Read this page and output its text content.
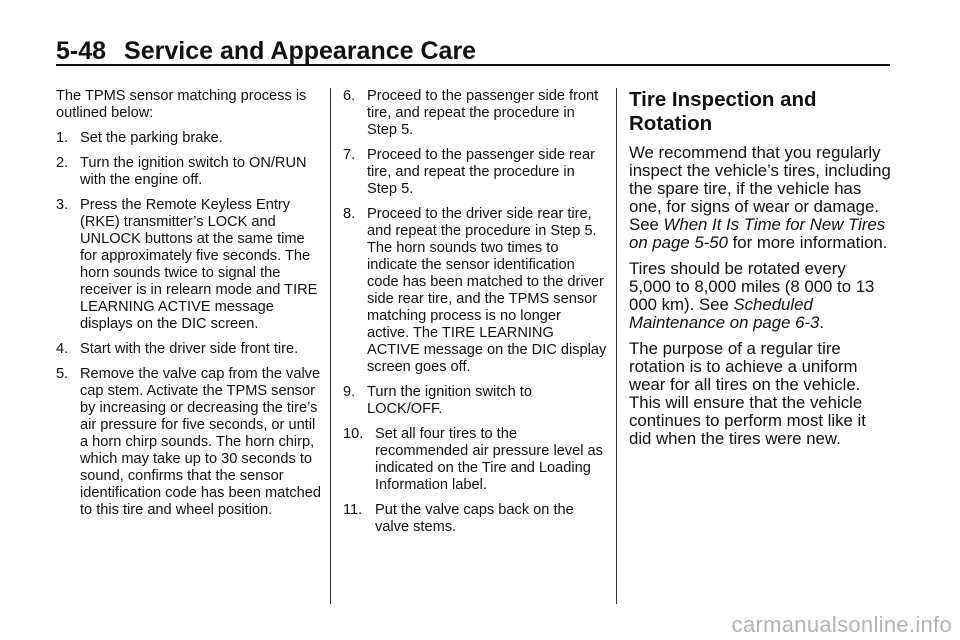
5-48 Service and Appearance Care

The TPMS sensor matching process is outlined below:

1. Set the parking brake.
2. Turn the ignition switch to ON/RUN with the engine off.
3. Press the Remote Keyless Entry (RKE) transmitter’s LOCK and UNLOCK buttons at the same time for approximately five seconds. The horn sounds twice to signal the receiver is in relearn mode and TIRE LEARNING ACTIVE message displays on the DIC screen.
4. Start with the driver side front tire.
5. Remove the valve cap from the valve cap stem. Activate the TPMS sensor by increasing or decreasing the tire’s air pressure for five seconds, or until a horn chirp sounds. The horn chirp, which may take up to 30 seconds to sound, confirms that the sensor identification code has been matched to this tire and wheel position.
6. Proceed to the passenger side front tire, and repeat the procedure in Step 5.
7. Proceed to the passenger side rear tire, and repeat the procedure in Step 5.
8. Proceed to the driver side rear tire, and repeat the procedure in Step 5. The horn sounds two times to indicate the sensor identification code has been matched to the driver side rear tire, and the TPMS sensor matching process is no longer active. The TIRE LEARNING ACTIVE message on the DIC display screen goes off.
9. Turn the ignition switch to LOCK/OFF.
10. Set all four tires to the recommended air pressure level as indicated on the Tire and Loading Information label.
11. Put the valve caps back on the valve stems.
Tire Inspection and Rotation

We recommend that you regularly inspect the vehicle’s tires, including the spare tire, if the vehicle has one, for signs of wear or damage. See When It Is Time for New Tires on page 5-50 for more information.

Tires should be rotated every 5,000 to 8,000 miles (8 000 to 13 000 km). See Scheduled Maintenance on page 6-3.

The purpose of a regular tire rotation is to achieve a uniform wear for all tires on the vehicle. This will ensure that the vehicle continues to perform most like it did when the tires were new.

carmanualsonline.info
